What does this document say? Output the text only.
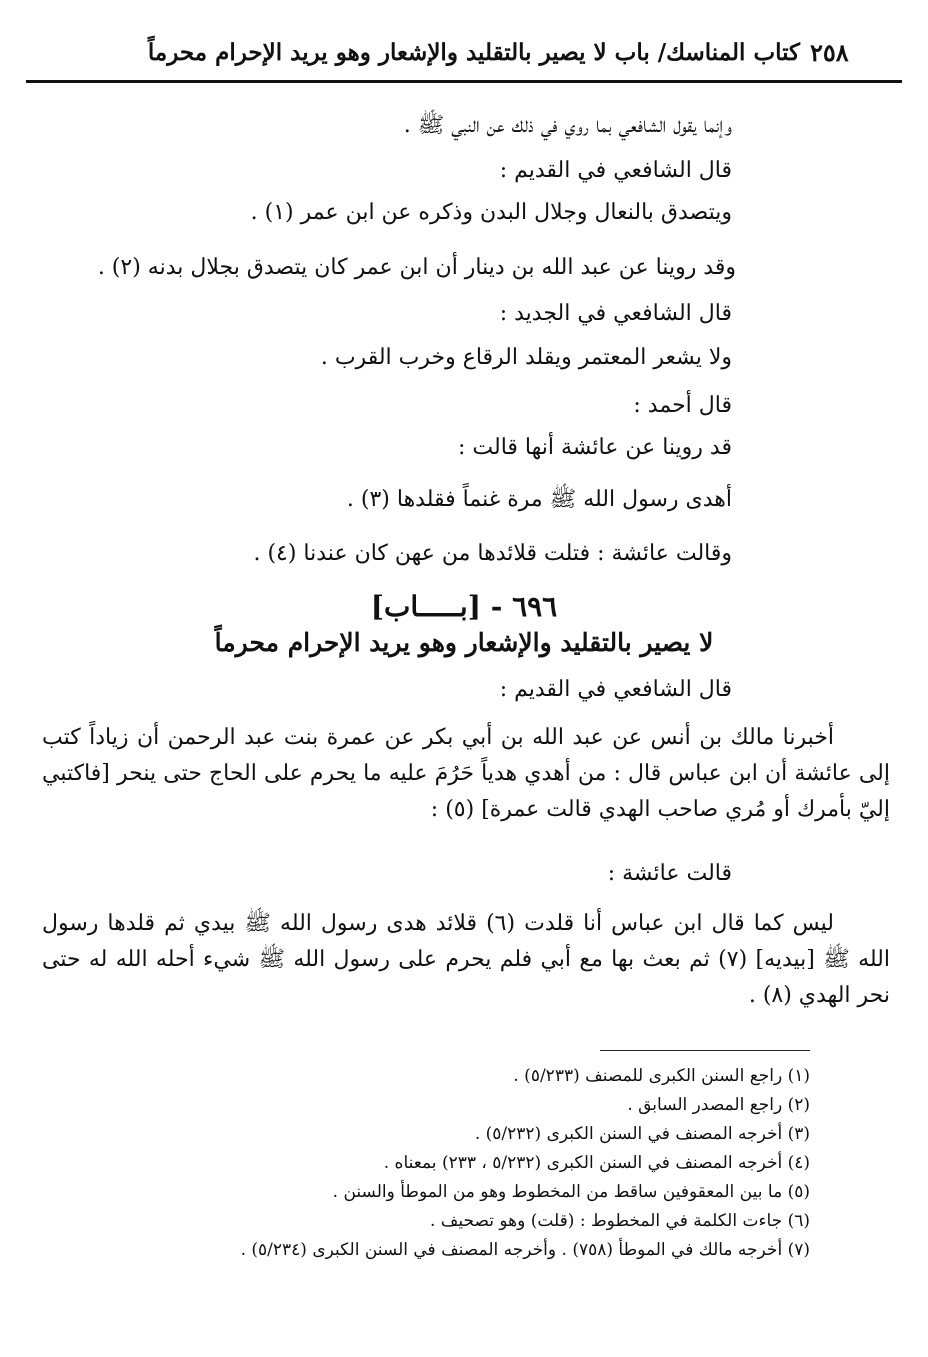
٢٥٨
كتاب المناسك/ باب لا يصير بالتقليد والإشعار وهو يريد الإحرام محرماً
وإنما يقول الشافعي بما روي في ذلك عن النبي ﷺ .
قال الشافعي في القديم :
ويتصدق بالنعال وجلال البدن وذكره عن ابن عمر (١) .
وقد روينا عن عبد الله بن دينار أن ابن عمر كان يتصدق بجلال بدنه (٢) .
قال الشافعي في الجديد :
ولا يشعر المعتمر ويقلد الرقاع وخرب القرب .
قال أحمد :
قد روينا عن عائشة أنها قالت :
أهدى رسول الله ﷺ مرة غنماً فقلدها (٣) .
وقالت عائشة : فتلت قلائدها من عهن كان عندنا (٤) .
٦٩٦ - [بـــــاب]
لا يصير بالتقليد والإشعار وهو يريد الإحرام محرماً
قال الشافعي في القديم :
أخبرنا مالك بن أنس عن عبد الله بن أبي بكر عن عمرة بنت عبد الرحمن أن زياداً كتب إلى عائشة أن ابن عباس قال : من أهدي هدياً حَرُمَ عليه ما يحرم على الحاج حتى ينحر [فاكتبي إليّ بأمرك أو مُري صاحب الهدي قالت عمرة] (٥) :
قالت عائشة :
ليس كما قال ابن عباس أنا قلدت (٦) قلائد هدى رسول الله ﷺ بيدي ثم قلدها رسول الله ﷺ [بيديه] (٧) ثم بعث بها مع أبي فلم يحرم على رسول الله ﷺ شيء أحله الله له حتى نحر الهدي (٨) .
(١) راجع السنن الكبرى للمصنف (٥/٢٣٣) .
(٢) راجع المصدر السابق .
(٣) أخرجه المصنف في السنن الكبرى (٥/٢٣٢) .
(٤) أخرجه المصنف في السنن الكبرى (٥/٢٣٢ ، ٢٣٣) بمعناه .
(٥) ما بين المعقوفين ساقط من المخطوط وهو من الموطأ والسنن .
(٦) جاءت الكلمة في المخطوط : (قلت) وهو تصحيف .
(٧) أخرجه مالك في الموطأ (٧٥٨) . وأخرجه المصنف في السنن الكبرى (٥/٢٣٤) .
